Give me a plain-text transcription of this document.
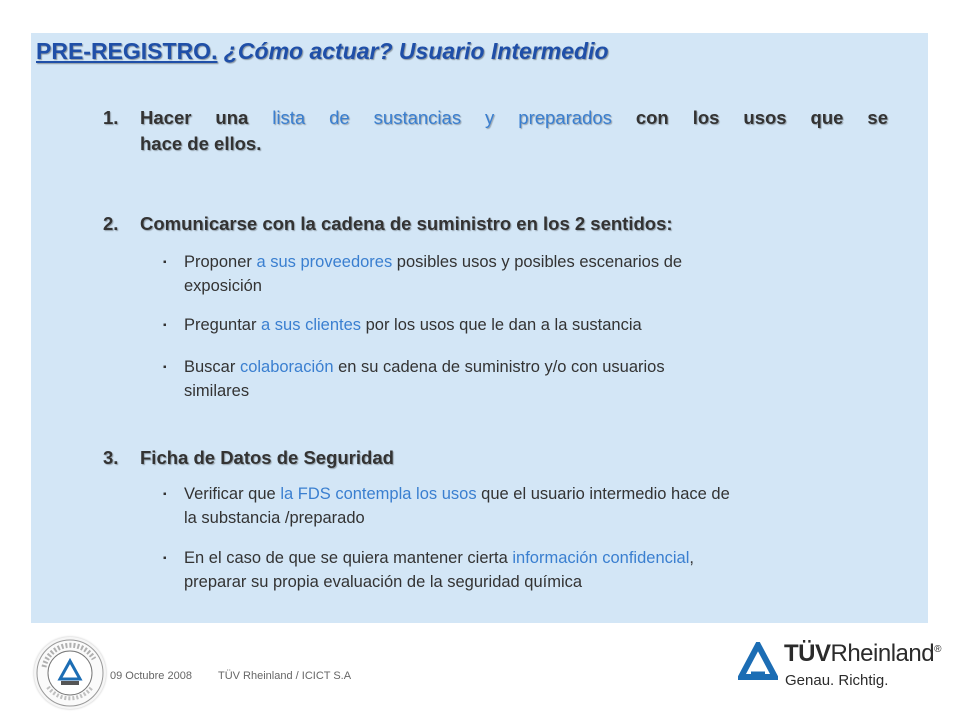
PRE-REGISTRO. ¿Cómo actuar? Usuario Intermedio
1. Hacer una lista de sustancias y preparados con los usos que se
hace de ellos.
2. Comunicarse con la cadena de suministro en los 2 sentidos:
▪ Proponer a sus proveedores posibles usos y posibles escenarios de
exposición
▪ Preguntar a sus clientes por los usos que le dan a la sustancia
▪ Buscar colaboración en su cadena de suministro y/o con usuarios
similares
3. Ficha de Datos de Seguridad
▪ Verificar que la FDS contempla los usos que el usuario intermedio hace de
la substancia /preparado
▪ En el caso de que se quiera mantener cierta información confidencial,
preparar su propia evaluación de la seguridad química
09 Octubre 2008 TÜV Rheinland / ICICT S.A
TÜVRheinland®
Genau. Richtig.
